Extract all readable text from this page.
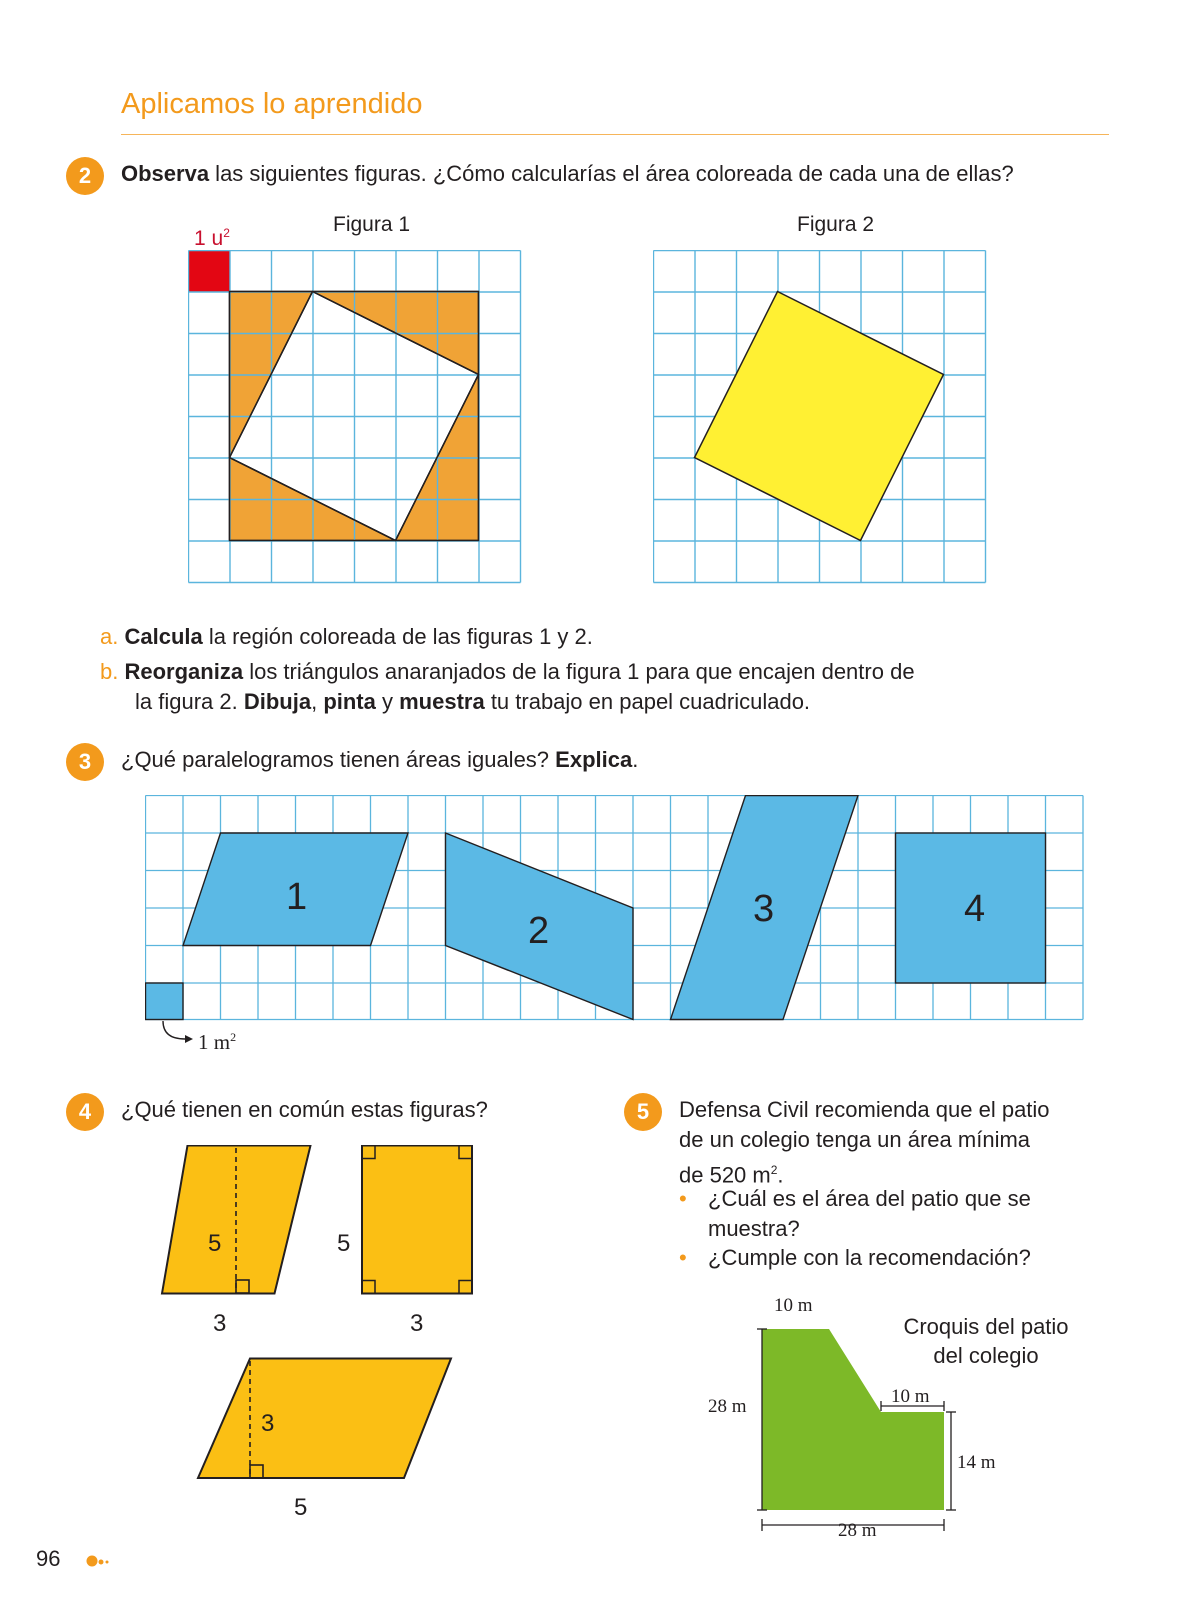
Aplicamos lo aprendido
2	Observa las siguientes figuras. ¿Cómo calcularías el área coloreada de cada una de ellas?
Figura 1	Figura 2
1 $u^2$
a. Calcula la región coloreada de las figuras 1 y 2.
b. Reorganiza los triángulos anaranjados de la figura 1 para que encajen dentro de
la figura 2. Dibuja, pinta y muestra tu trabajo en papel cuadriculado.
3	¿Qué paralelogramos tienen áreas iguales? Explica.
1
2
3	4
1 $m^2$
4	¿Qué tienen en común estas figuras?
5
3
5
3
3
5
5	Defensa Civil recomienda que el patio
de un colegio tenga un área mínima
de 520 $m^2$.
• ¿Cuál es el área del patio que se
muestra?
• ¿Cumple con la recomendación?
Croquis del patio
del colegio
10 m
28 m	10 m
14 m
28 m
96
